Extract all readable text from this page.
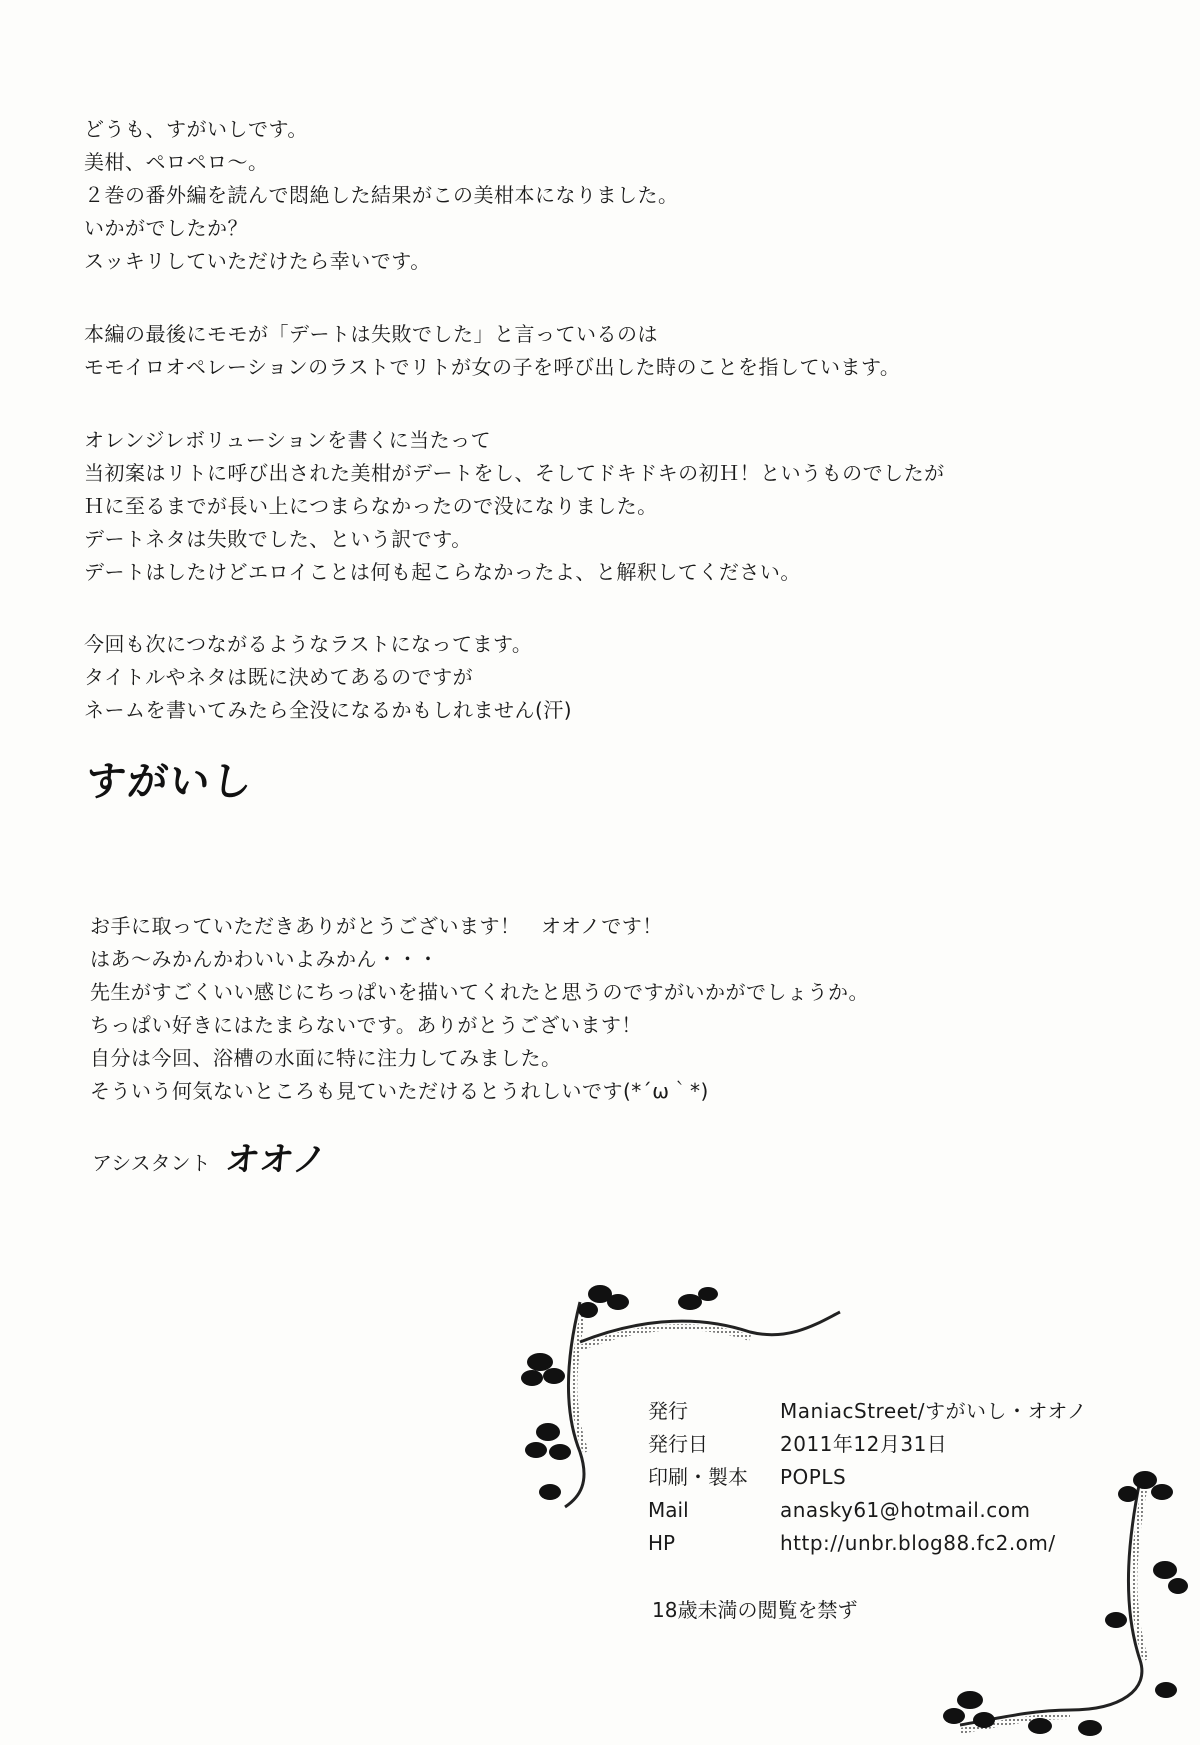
どうも、すがいしです。
美柑、ペロペロ～。
２巻の番外編を読んで悶絶した結果がこの美柑本になりました。
いかがでしたか？
スッキリしていただけたら幸いです。
本編の最後にモモが「デートは失敗でした」と言っているのは
モモイロオペレーションのラストでリトが女の子を呼び出した時のことを指しています。
オレンジレボリューションを書くに当たって
当初案はリトに呼び出された美柑がデートをし、そしてドキドキの初Ｈ！というものでしたが
Ｈに至るまでが長い上につまらなかったので没になりました。
デートネタは失敗でした、という訳です。
デートはしたけどエロイことは何も起こらなかったよ、と解釈してください。
今回も次につながるようなラストになってます。
タイトルやネタは既に決めてあるのですが
ネームを書いてみたら全没になるかもしれません(汗)
すがいし
お手に取っていただきありがとうございます！　オオノです！
はあ～みかんかわいいよみかん・・・
先生がすごくいい感じにちっぱいを描いてくれたと思うのですがいかがでしょうか。
ちっぱい好きにはたまらないです。ありがとうございます！
自分は今回、浴槽の水面に特に注力してみました。
そういう何気ないところも見ていただけるとうれしいです(*´ω｀*)
アシスタント オオノ
発行	ManiacStreet/すがいし・オオノ
発行日	2011年12月31日
印刷・製本	POPLS
Mail	anasky61@hotmail.com
HP	http://unbr.blog88.fc2.om/
18歳未満の閲覧を禁ず
